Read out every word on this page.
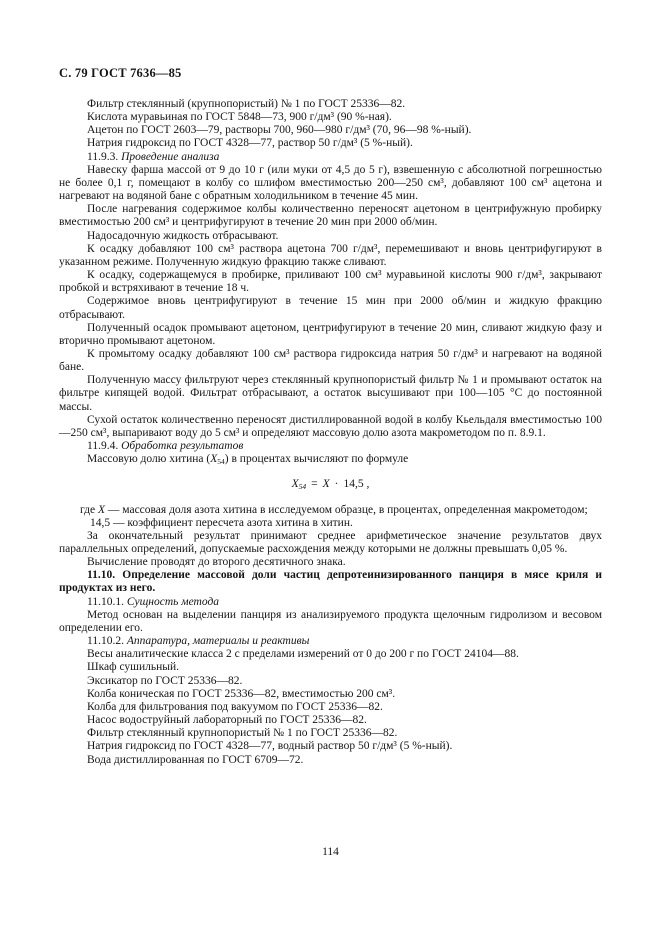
С. 79 ГОСТ 7636—85

Фильтр стеклянный (крупнопористый) № 1 по ГОСТ 25336—82.

Кислота муравьиная по ГОСТ 5848—73, 900 г/дм³ (90 %-ная).

Ацетон по ГОСТ 2603—79, растворы 700, 960—980 г/дм³ (70, 96—98 %-ный).

Натрия гидроксид по ГОСТ 4328—77, раствор 50 г/дм³ (5 %-ный).

11.9.3. Проведение анализа

Навеску фарша массой от 9 до 10 г (или муки от 4,5 до 5 г), взвешенную с абсолютной погрешностью не более 0,1 г, помещают в колбу со шлифом вместимостью 200—250 см³, добавляют 100 см³ ацетона и нагревают на водяной бане с обратным холодильником в течение 45 мин.

После нагревания содержимое колбы количественно переносят ацетоном в центрифужную пробирку вместимостью 200 см³ и центрифугируют в течение 20 мин при 2000 об/мин.

Надосадочную жидкость отбрасывают.

К осадку добавляют 100 см³ раствора ацетона 700 г/дм³, перемешивают и вновь центрифугируют в указанном режиме. Полученную жидкую фракцию также сливают.

К осадку, содержащемуся в пробирке, приливают 100 см³ муравьиной кислоты 900 г/дм³, закрывают пробкой и встряхивают в течение 18 ч.

Содержимое вновь центрифугируют в течение 15 мин при 2000 об/мин и жидкую фракцию отбрасывают.

Полученный осадок промывают ацетоном, центрифугируют в течение 20 мин, сливают жидкую фазу и вторично промывают ацетоном.

К промытому осадку добавляют 100 см³ раствора гидроксида натрия 50 г/дм³ и нагревают на водяной бане.

Полученную массу фильтруют через стеклянный крупнопористый фильтр № 1 и промывают остаток на фильтре кипящей водой. Фильтрат отбрасывают, а остаток высушивают при 100—105 °С до постоянной массы.

Сухой остаток количественно переносят дистиллированной водой в колбу Кьельдаля вместимостью 100—250 см³, выпаривают воду до 5 см³ и определяют массовую долю азота макрометодом по п. 8.9.1.

11.9.4. Обработка результатов

Массовую долю хитина $(Х_{54})$ в процентах вычисляют по формуле

$Х_{54} = Х \cdot 14,5$ ,

где Х — массовая доля азота хитина в исследуемом образце, в процентах, определенная макрометодом;

14,5 — коэффициент пересчета азота хитина в хитин.

За окончательный результат принимают среднее арифметическое значение результатов двух параллельных определений, допускаемые расхождения между которыми не должны превышать 0,05 %.

Вычисление проводят до второго десятичного знака.

11.10. Определение массовой доли частиц депротеинизированного панциря в мясе криля и продуктах из него.

11.10.1. Сущность метода

Метод основан на выделении панциря из анализируемого продукта щелочным гидролизом и весовом определении его.

11.10.2. Аппаратура, материалы и реактивы

Весы аналитические класса 2 с пределами измерений от 0 до 200 г по ГОСТ 24104—88.

Шкаф сушильный.

Эксикатор по ГОСТ 25336—82.

Колба коническая по ГОСТ 25336—82, вместимостью 200 см³.

Колба для фильтрования под вакуумом по ГОСТ 25336—82.

Насос водоструйный лабораторный по ГОСТ 25336—82.

Фильтр стеклянный крупнопористый № 1 по ГОСТ 25336—82.

Натрия гидроксид по ГОСТ 4328—77, водный раствор 50 г/дм³ (5 %-ный).

Вода дистиллированная по ГОСТ 6709—72.

114
